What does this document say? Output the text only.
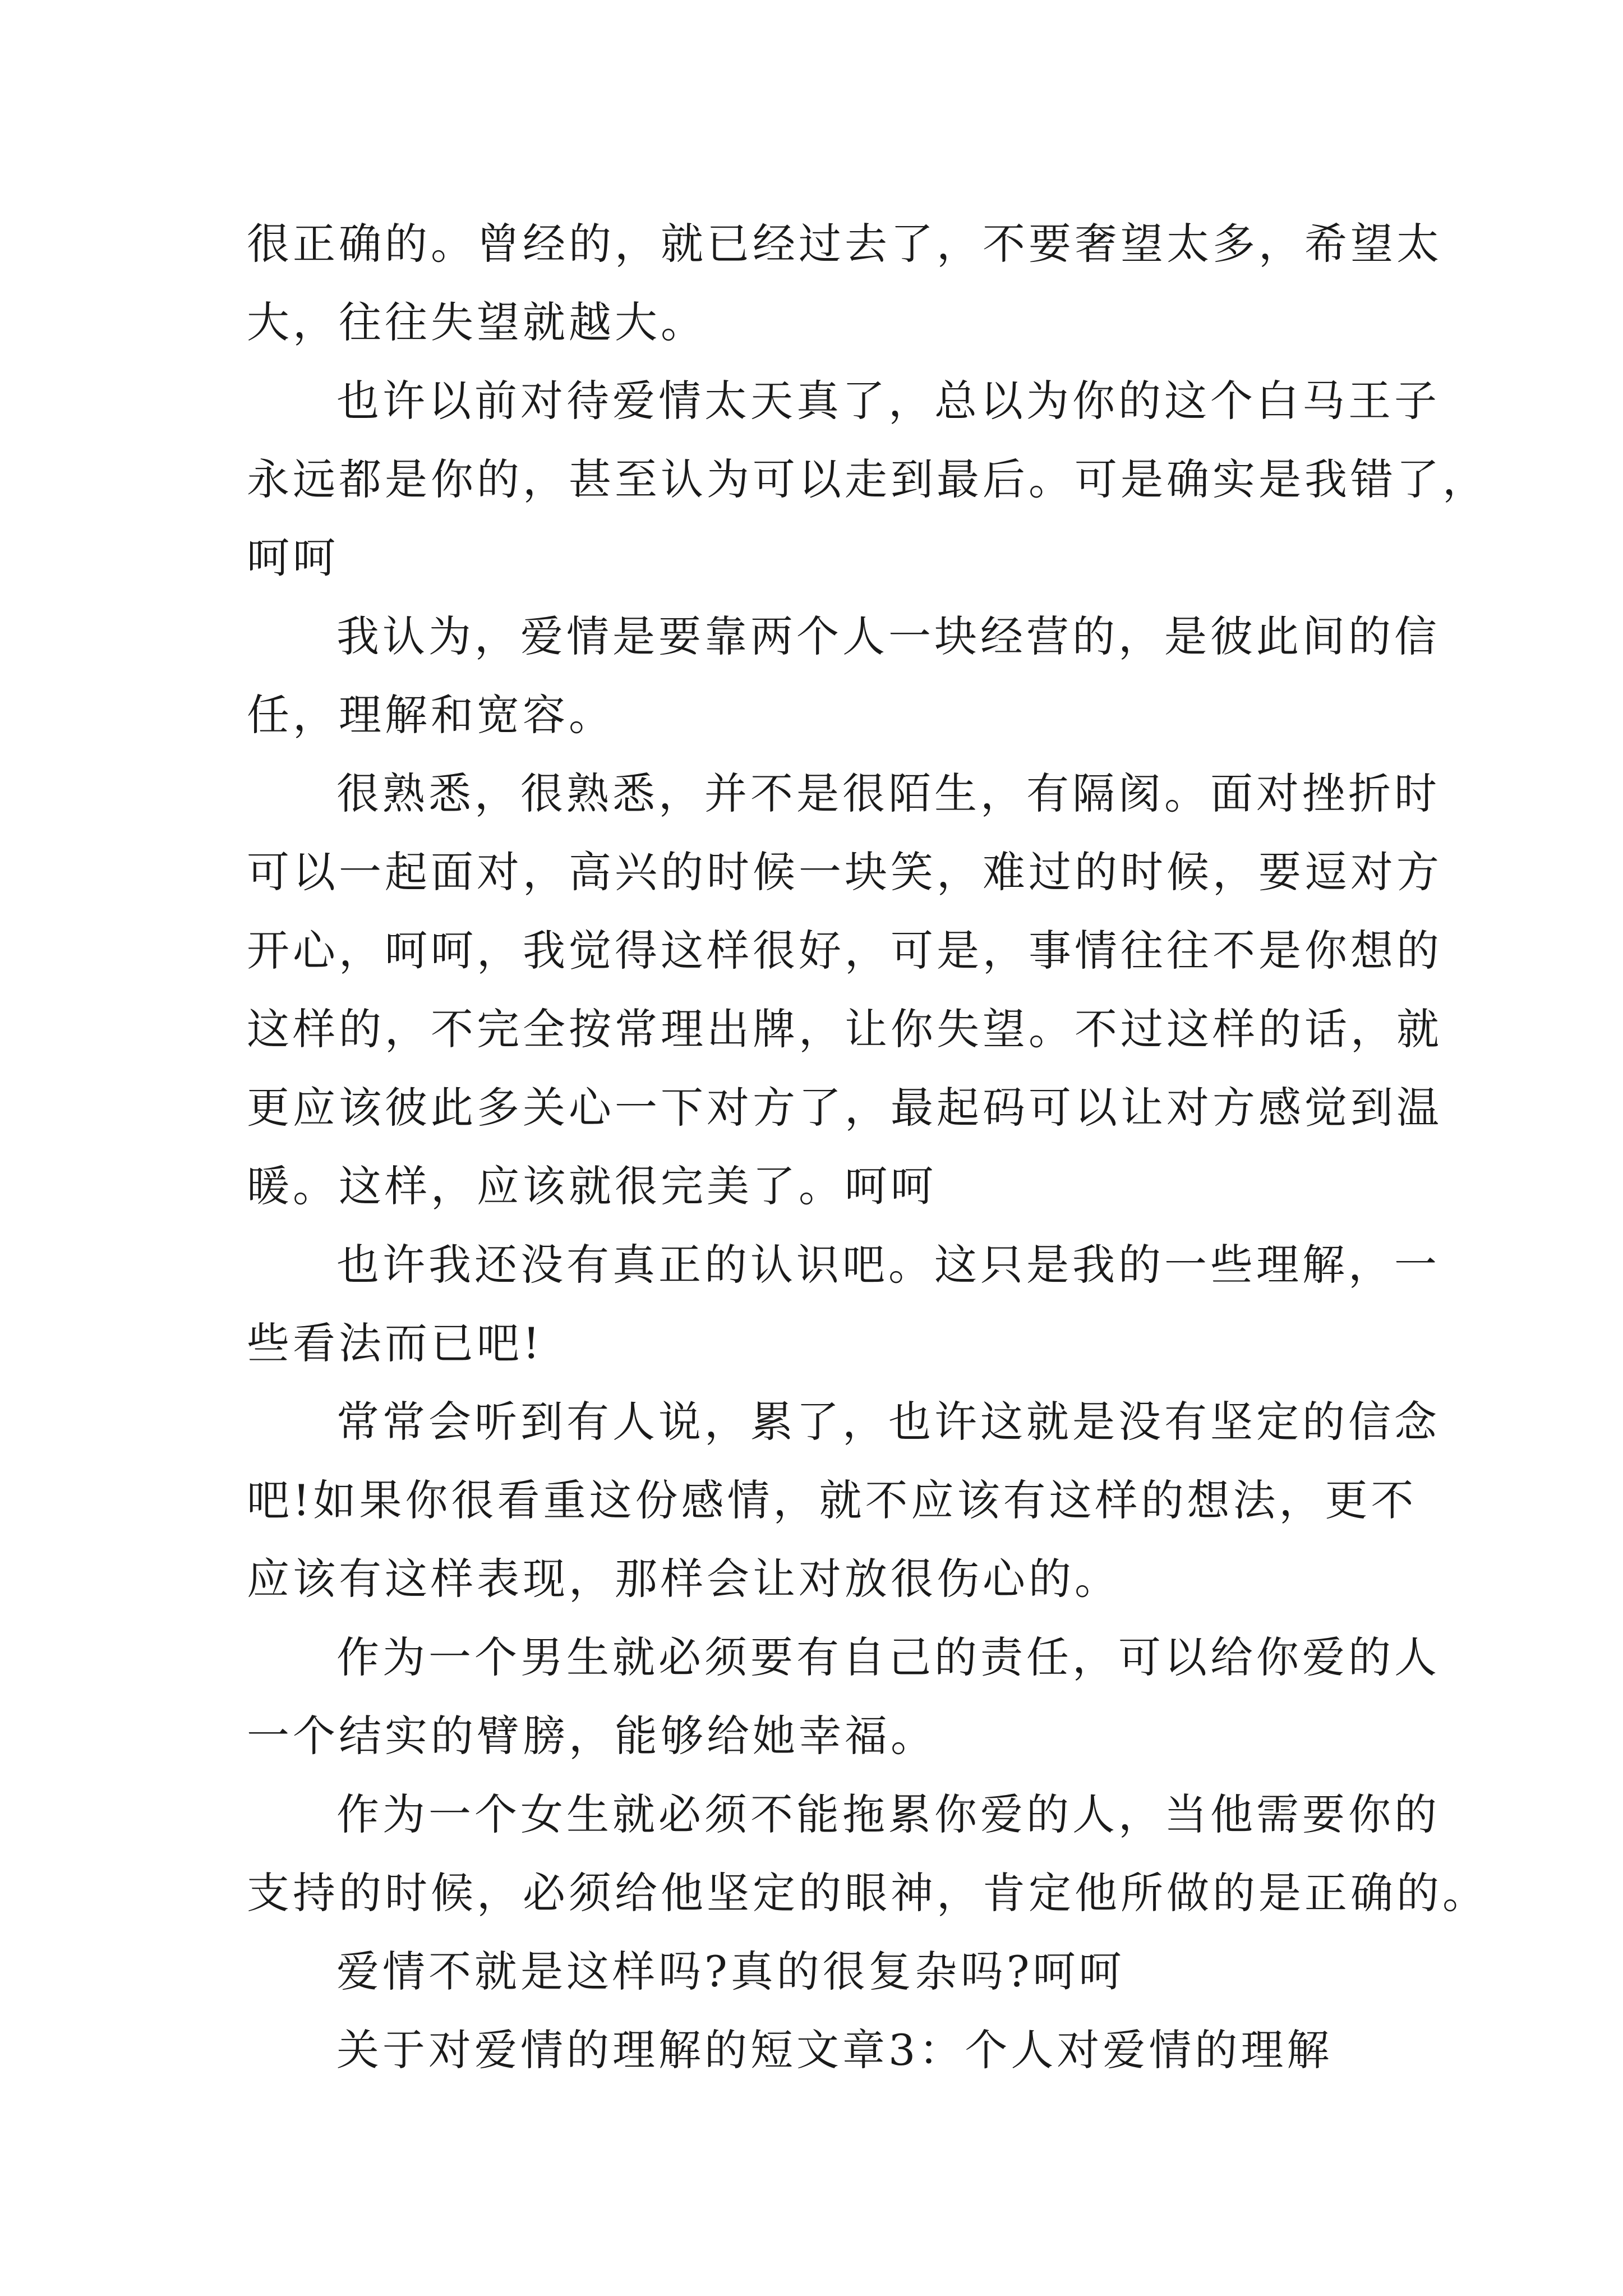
很正确的。曾经的，就已经过去了，不要奢望太多，希望太
大，往往失望就越大。
也许以前对待爱情太天真了，总以为你的这个白马王子
永远都是你的，甚至认为可以走到最后。可是确实是我错了，
呵呵
我认为，爱情是要靠两个人一块经营的，是彼此间的信
任，理解和宽容。
很熟悉，很熟悉，并不是很陌生，有隔阂。面对挫折时
可以一起面对，高兴的时候一块笑，难过的时候，要逗对方
开心，呵呵，我觉得这样很好，可是，事情往往不是你想的
这样的，不完全按常理出牌，让你失望。不过这样的话，就
更应该彼此多关心一下对方了，最起码可以让对方感觉到温
暖。这样，应该就很完美了。呵呵
也许我还没有真正的认识吧。这只是我的一些理解，一
些看法而已吧!
常常会听到有人说，累了，也许这就是没有坚定的信念
吧!如果你很看重这份感情，就不应该有这样的想法，更不
应该有这样表现，那样会让对放很伤心的。
作为一个男生就必须要有自己的责任，可以给你爱的人
一个结实的臂膀，能够给她幸福。
作为一个女生就必须不能拖累你爱的人，当他需要你的
支持的时候，必须给他坚定的眼神，肯定他所做的是正确的。
爱情不就是这样吗?真的很复杂吗?呵呵
关于对爱情的理解的短文章3：个人对爱情的理解
